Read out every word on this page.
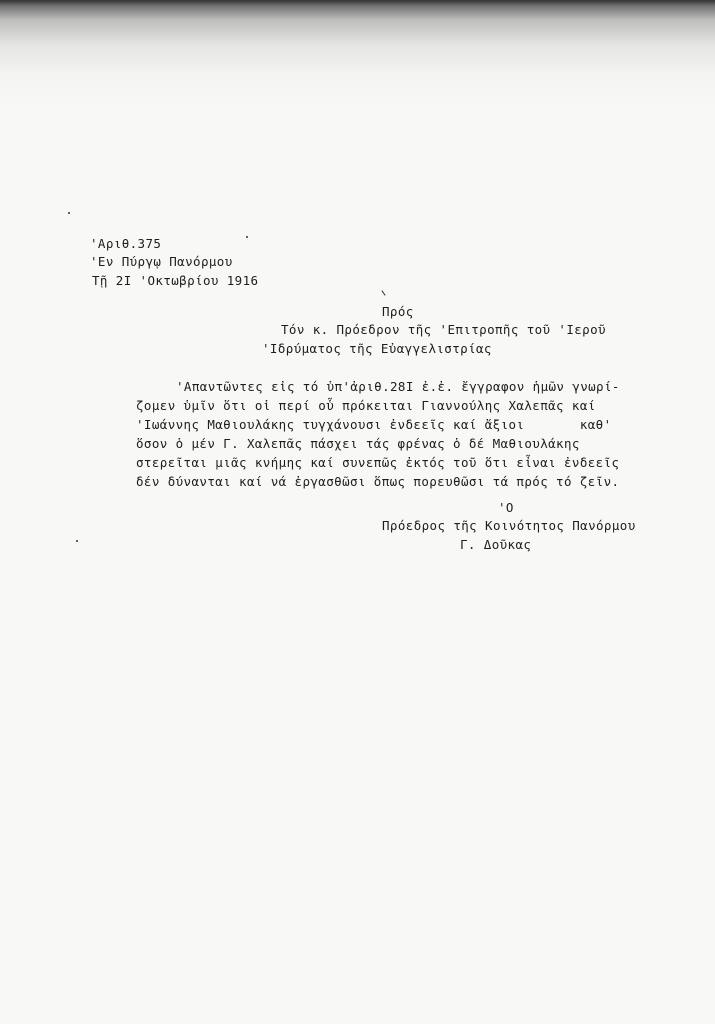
'Αριθ.375
'Εν Πύργῳ Πανόρμου
Τῇ 2Ι 'Οκτωβρίου 1916
Πρός
Τόν κ. Πρόεδρον τῆς 'Επιτροπῆς τοῦ 'Ιεροῦ
'Ιδρύματος τῆς Εὐαγγελιστρίας
'Απαντῶντες εἰς τό ὑπ'ἀριθ.28Ι ἐ.ἐ. ἔγγραφον ἡμῶν γνωρί-
ζομεν ὑμῖν ὅτι οἱ περί οὗ πρόκειται Γιαννούλης Χαλεπᾶς καί
'Ιωάννης Μαθιουλάκης τυγχάνουσι ἐνδεεῖς καί ἄξιοι       καθ'
ὅσον ὁ μέν Γ. Χαλεπᾶς πάσχει τάς φρένας ὁ δέ Μαθιουλάκης
στερεῖται μιᾶς κνήμης καί συνεπῶς ἐκτός τοῦ ὅτι εἶναι ἐνδεεῖς
δέν δύνανται καί νά ἐργασθῶσι ὅπως πορευθῶσι τά πρός τό ζεῖν.
'Ο
Πρόεδρος τῆς Κοινότητος Πανόρμου
Γ. Δοῦκας
